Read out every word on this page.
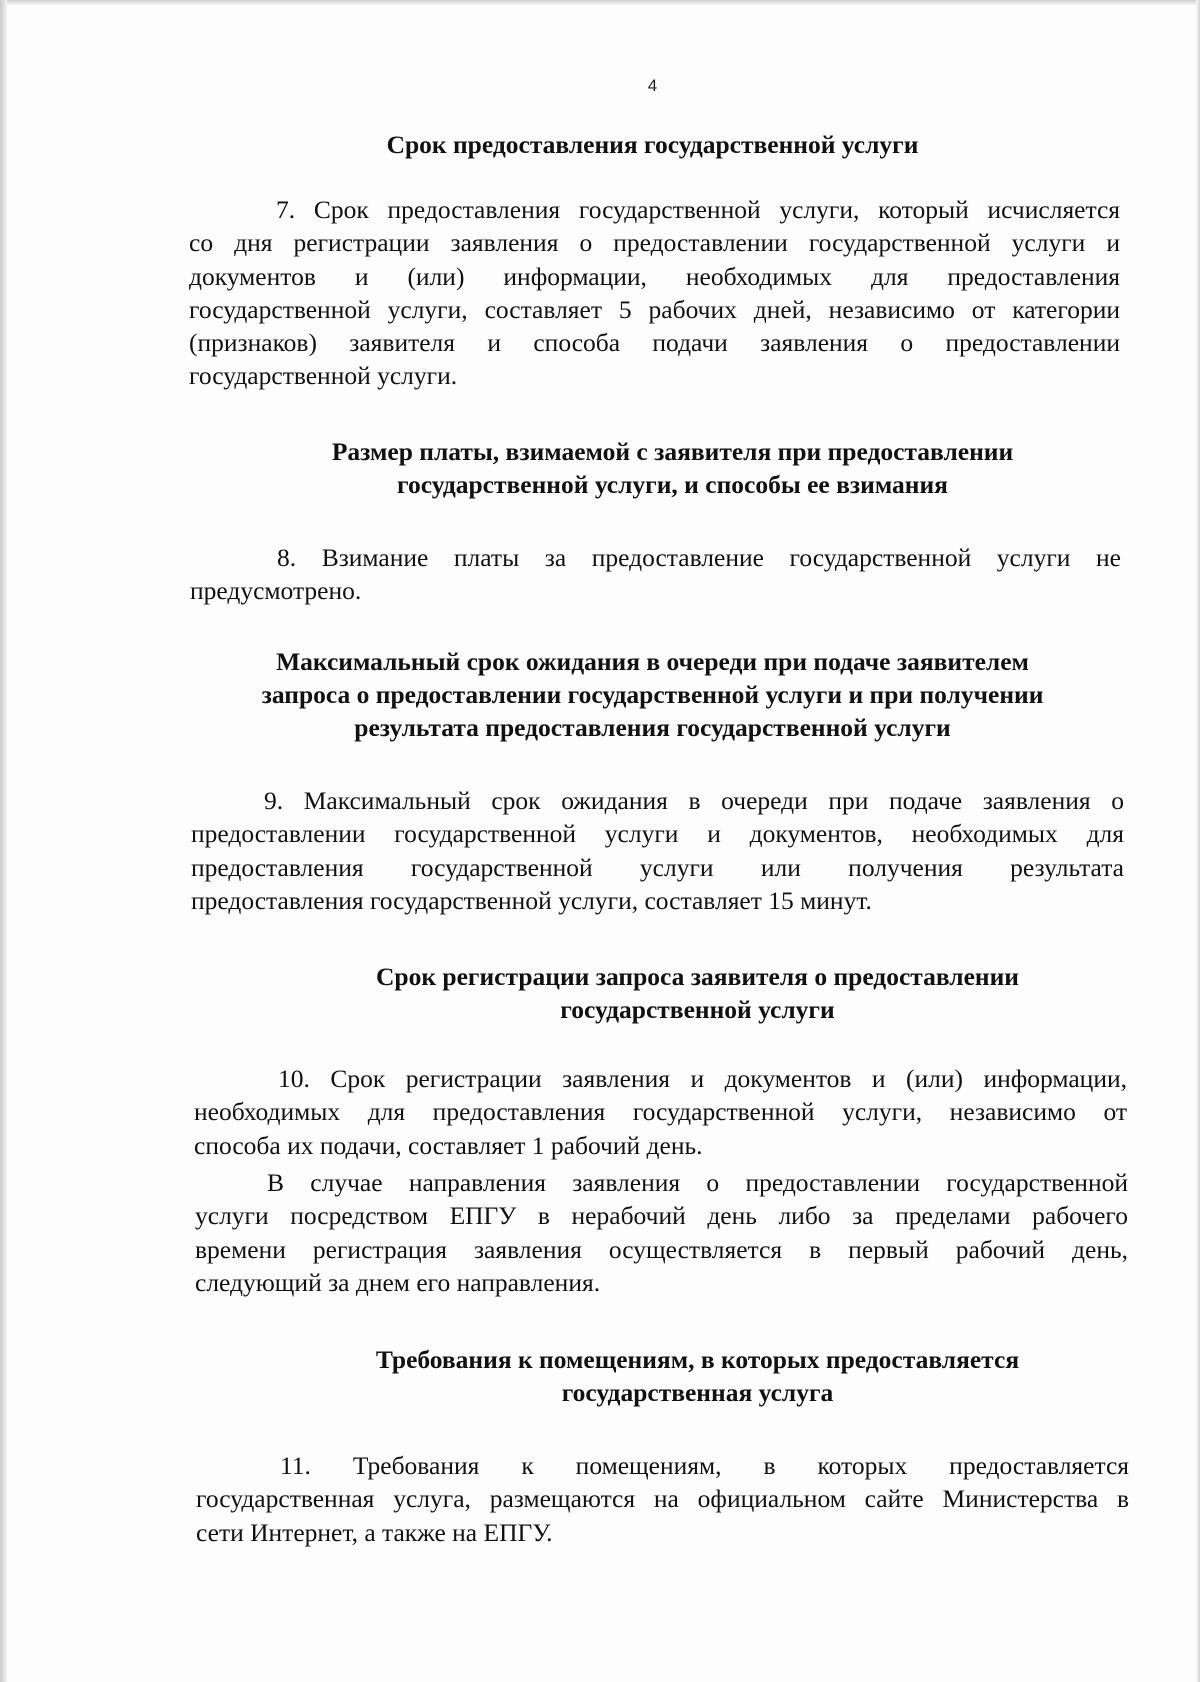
4
Срок предоставления государственной услуги
7. Срок предоставления государственной услуги, который исчисляется
со дня регистрации заявления о предоставлении государственной услуги и
документов и (или) информации, необходимых для предоставления
государственной услуги, составляет 5 рабочих дней, независимо от категории
(признаков) заявителя и способа подачи заявления о предоставлении
государственной услуги.
Размер платы, взимаемой с заявителя при предоставлении
государственной услуги, и способы ее взимания
8. Взимание платы за предоставление государственной услуги не
предусмотрено.
Максимальный срок ожидания в очереди при подаче заявителем
запроса о предоставлении государственной услуги и при получении
результата предоставления государственной услуги
9. Максимальный срок ожидания в очереди при подаче заявления о
предоставлении государственной услуги и документов, необходимых для
предоставления государственной услуги или получения результата
предоставления государственной услуги, составляет 15 минут.
Срок регистрации запроса заявителя о предоставлении
государственной услуги
10. Срок регистрации заявления и документов и (или) информации,
необходимых для предоставления государственной услуги, независимо от
способа их подачи, составляет 1 рабочий день.
В случае направления заявления о предоставлении государственной
услуги посредством ЕПГУ в нерабочий день либо за пределами рабочего
времени регистрация заявления осуществляется в первый рабочий день,
следующий за днем его направления.
Требования к помещениям, в которых предоставляется
государственная услуга
11. Требования к помещениям, в которых предоставляется
государственная услуга, размещаются на официальном сайте Министерства в
сети Интернет, а также на ЕПГУ.
